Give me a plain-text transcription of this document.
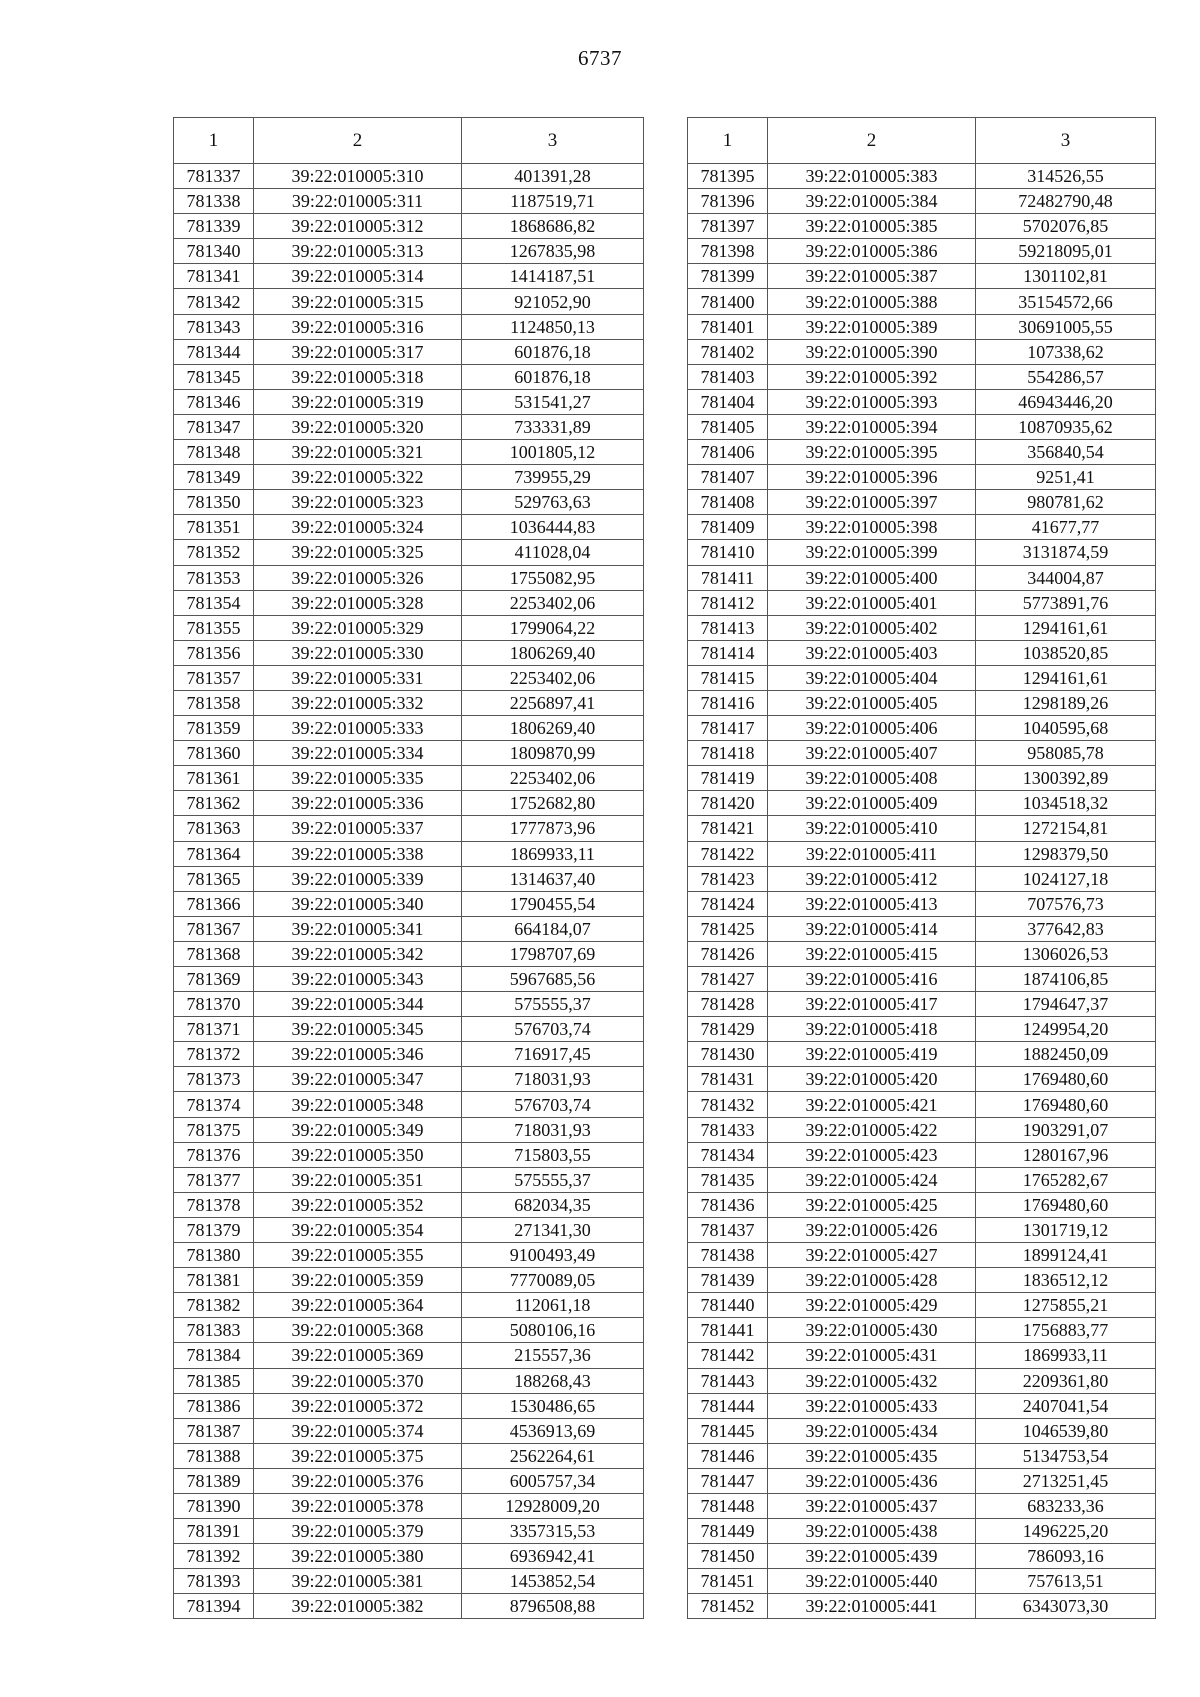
6737
1	2	3
781337	39:22:010005:310	401391,28
781338	39:22:010005:311	1187519,71
781339	39:22:010005:312	1868686,82
781340	39:22:010005:313	1267835,98
781341	39:22:010005:314	1414187,51
781342	39:22:010005:315	921052,90
781343	39:22:010005:316	1124850,13
781344	39:22:010005:317	601876,18
781345	39:22:010005:318	601876,18
781346	39:22:010005:319	531541,27
781347	39:22:010005:320	733331,89
781348	39:22:010005:321	1001805,12
781349	39:22:010005:322	739955,29
781350	39:22:010005:323	529763,63
781351	39:22:010005:324	1036444,83
781352	39:22:010005:325	411028,04
781353	39:22:010005:326	1755082,95
781354	39:22:010005:328	2253402,06
781355	39:22:010005:329	1799064,22
781356	39:22:010005:330	1806269,40
781357	39:22:010005:331	2253402,06
781358	39:22:010005:332	2256897,41
781359	39:22:010005:333	1806269,40
781360	39:22:010005:334	1809870,99
781361	39:22:010005:335	2253402,06
781362	39:22:010005:336	1752682,80
781363	39:22:010005:337	1777873,96
781364	39:22:010005:338	1869933,11
781365	39:22:010005:339	1314637,40
781366	39:22:010005:340	1790455,54
781367	39:22:010005:341	664184,07
781368	39:22:010005:342	1798707,69
781369	39:22:010005:343	5967685,56
781370	39:22:010005:344	575555,37
781371	39:22:010005:345	576703,74
781372	39:22:010005:346	716917,45
781373	39:22:010005:347	718031,93
781374	39:22:010005:348	576703,74
781375	39:22:010005:349	718031,93
781376	39:22:010005:350	715803,55
781377	39:22:010005:351	575555,37
781378	39:22:010005:352	682034,35
781379	39:22:010005:354	271341,30
781380	39:22:010005:355	9100493,49
781381	39:22:010005:359	7770089,05
781382	39:22:010005:364	112061,18
781383	39:22:010005:368	5080106,16
781384	39:22:010005:369	215557,36
781385	39:22:010005:370	188268,43
781386	39:22:010005:372	1530486,65
781387	39:22:010005:374	4536913,69
781388	39:22:010005:375	2562264,61
781389	39:22:010005:376	6005757,34
781390	39:22:010005:378	12928009,20
781391	39:22:010005:379	3357315,53
781392	39:22:010005:380	6936942,41
781393	39:22:010005:381	1453852,54
781394	39:22:010005:382	8796508,88
1	2	3
781395	39:22:010005:383	314526,55
781396	39:22:010005:384	72482790,48
781397	39:22:010005:385	5702076,85
781398	39:22:010005:386	59218095,01
781399	39:22:010005:387	1301102,81
781400	39:22:010005:388	35154572,66
781401	39:22:010005:389	30691005,55
781402	39:22:010005:390	107338,62
781403	39:22:010005:392	554286,57
781404	39:22:010005:393	46943446,20
781405	39:22:010005:394	10870935,62
781406	39:22:010005:395	356840,54
781407	39:22:010005:396	9251,41
781408	39:22:010005:397	980781,62
781409	39:22:010005:398	41677,77
781410	39:22:010005:399	3131874,59
781411	39:22:010005:400	344004,87
781412	39:22:010005:401	5773891,76
781413	39:22:010005:402	1294161,61
781414	39:22:010005:403	1038520,85
781415	39:22:010005:404	1294161,61
781416	39:22:010005:405	1298189,26
781417	39:22:010005:406	1040595,68
781418	39:22:010005:407	958085,78
781419	39:22:010005:408	1300392,89
781420	39:22:010005:409	1034518,32
781421	39:22:010005:410	1272154,81
781422	39:22:010005:411	1298379,50
781423	39:22:010005:412	1024127,18
781424	39:22:010005:413	707576,73
781425	39:22:010005:414	377642,83
781426	39:22:010005:415	1306026,53
781427	39:22:010005:416	1874106,85
781428	39:22:010005:417	1794647,37
781429	39:22:010005:418	1249954,20
781430	39:22:010005:419	1882450,09
781431	39:22:010005:420	1769480,60
781432	39:22:010005:421	1769480,60
781433	39:22:010005:422	1903291,07
781434	39:22:010005:423	1280167,96
781435	39:22:010005:424	1765282,67
781436	39:22:010005:425	1769480,60
781437	39:22:010005:426	1301719,12
781438	39:22:010005:427	1899124,41
781439	39:22:010005:428	1836512,12
781440	39:22:010005:429	1275855,21
781441	39:22:010005:430	1756883,77
781442	39:22:010005:431	1869933,11
781443	39:22:010005:432	2209361,80
781444	39:22:010005:433	2407041,54
781445	39:22:010005:434	1046539,80
781446	39:22:010005:435	5134753,54
781447	39:22:010005:436	2713251,45
781448	39:22:010005:437	683233,36
781449	39:22:010005:438	1496225,20
781450	39:22:010005:439	786093,16
781451	39:22:010005:440	757613,51
781452	39:22:010005:441	6343073,30
